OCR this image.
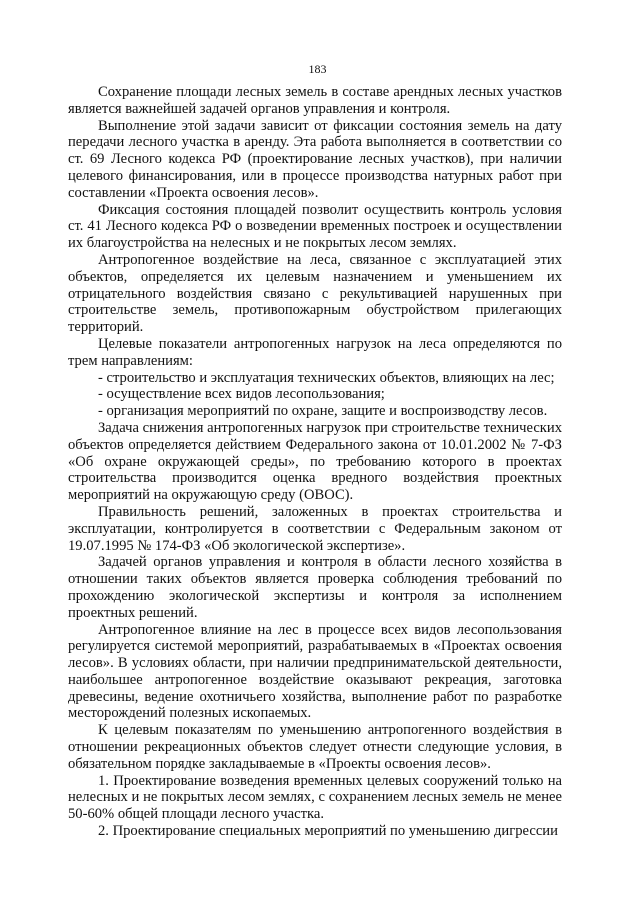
183

Сохранение площади лесных земель в составе арендных лесных участков является важнейшей задачей органов управления и контроля.

Выполнение этой задачи зависит от фиксации состояния земель на дату передачи лесного участка в аренду. Эта работа выполняется в соответствии со ст. 69 Лесного кодекса РФ (проектирование лесных участков), при наличии целевого финансирования, или в процессе производства натурных работ при составлении «Проекта освоения лесов».

Фиксация состояния площадей позволит осуществить контроль условия ст. 41 Лесного кодекса РФ о возведении временных построек и осуществлении их благоустройства на нелесных и не покрытых лесом землях.

Антропогенное воздействие на леса, связанное с эксплуатацией этих объектов, определяется их целевым назначением и уменьшением их отрицательного воздействия связано с рекультивацией нарушенных при строительстве земель, противопожарным обустройством прилегающих территорий.

Целевые показатели антропогенных нагрузок на леса определяются по трем направлениям:

- строительство и эксплуатация технических объектов, влияющих на лес;

- осуществление всех видов лесопользования;

- организация мероприятий по охране, защите и воспроизводству лесов.

Задача снижения антропогенных нагрузок при строительстве технических объектов определяется действием Федерального закона от 10.01.2002 № 7-ФЗ «Об охране окружающей среды», по требованию которого в проектах строительства производится оценка вредного воздействия проектных мероприятий на окружающую среду (ОВОС).

Правильность решений, заложенных в проектах строительства и эксплуатации, контролируется в соответствии с Федеральным законом от 19.07.1995 № 174-ФЗ «Об экологической экспертизе».

Задачей органов управления и контроля в области лесного хозяйства в отношении таких объектов является проверка соблюдения требований по прохождению экологической экспертизы и контроля за исполнением проектных решений.

Антропогенное влияние на лес в процессе всех видов лесопользования регулируется системой мероприятий, разрабатываемых в «Проектах освоения лесов». В условиях области, при наличии предпринимательской деятельности, наибольшее антропогенное воздействие оказывают рекреация, заготовка древесины, ведение охотничьего хозяйства, выполнение работ по разработке месторождений полезных ископаемых.

К целевым показателям по уменьшению антропогенного воздействия в отношении рекреационных объектов следует отнести следующие условия, в обязательном порядке закладываемые в «Проекты освоения лесов».

1. Проектирование возведения временных целевых сооружений только на нелесных и не покрытых лесом землях, с сохранением лесных земель не менее 50-60% общей площади лесного участка.

2. Проектирование специальных мероприятий по уменьшению дигрессии
